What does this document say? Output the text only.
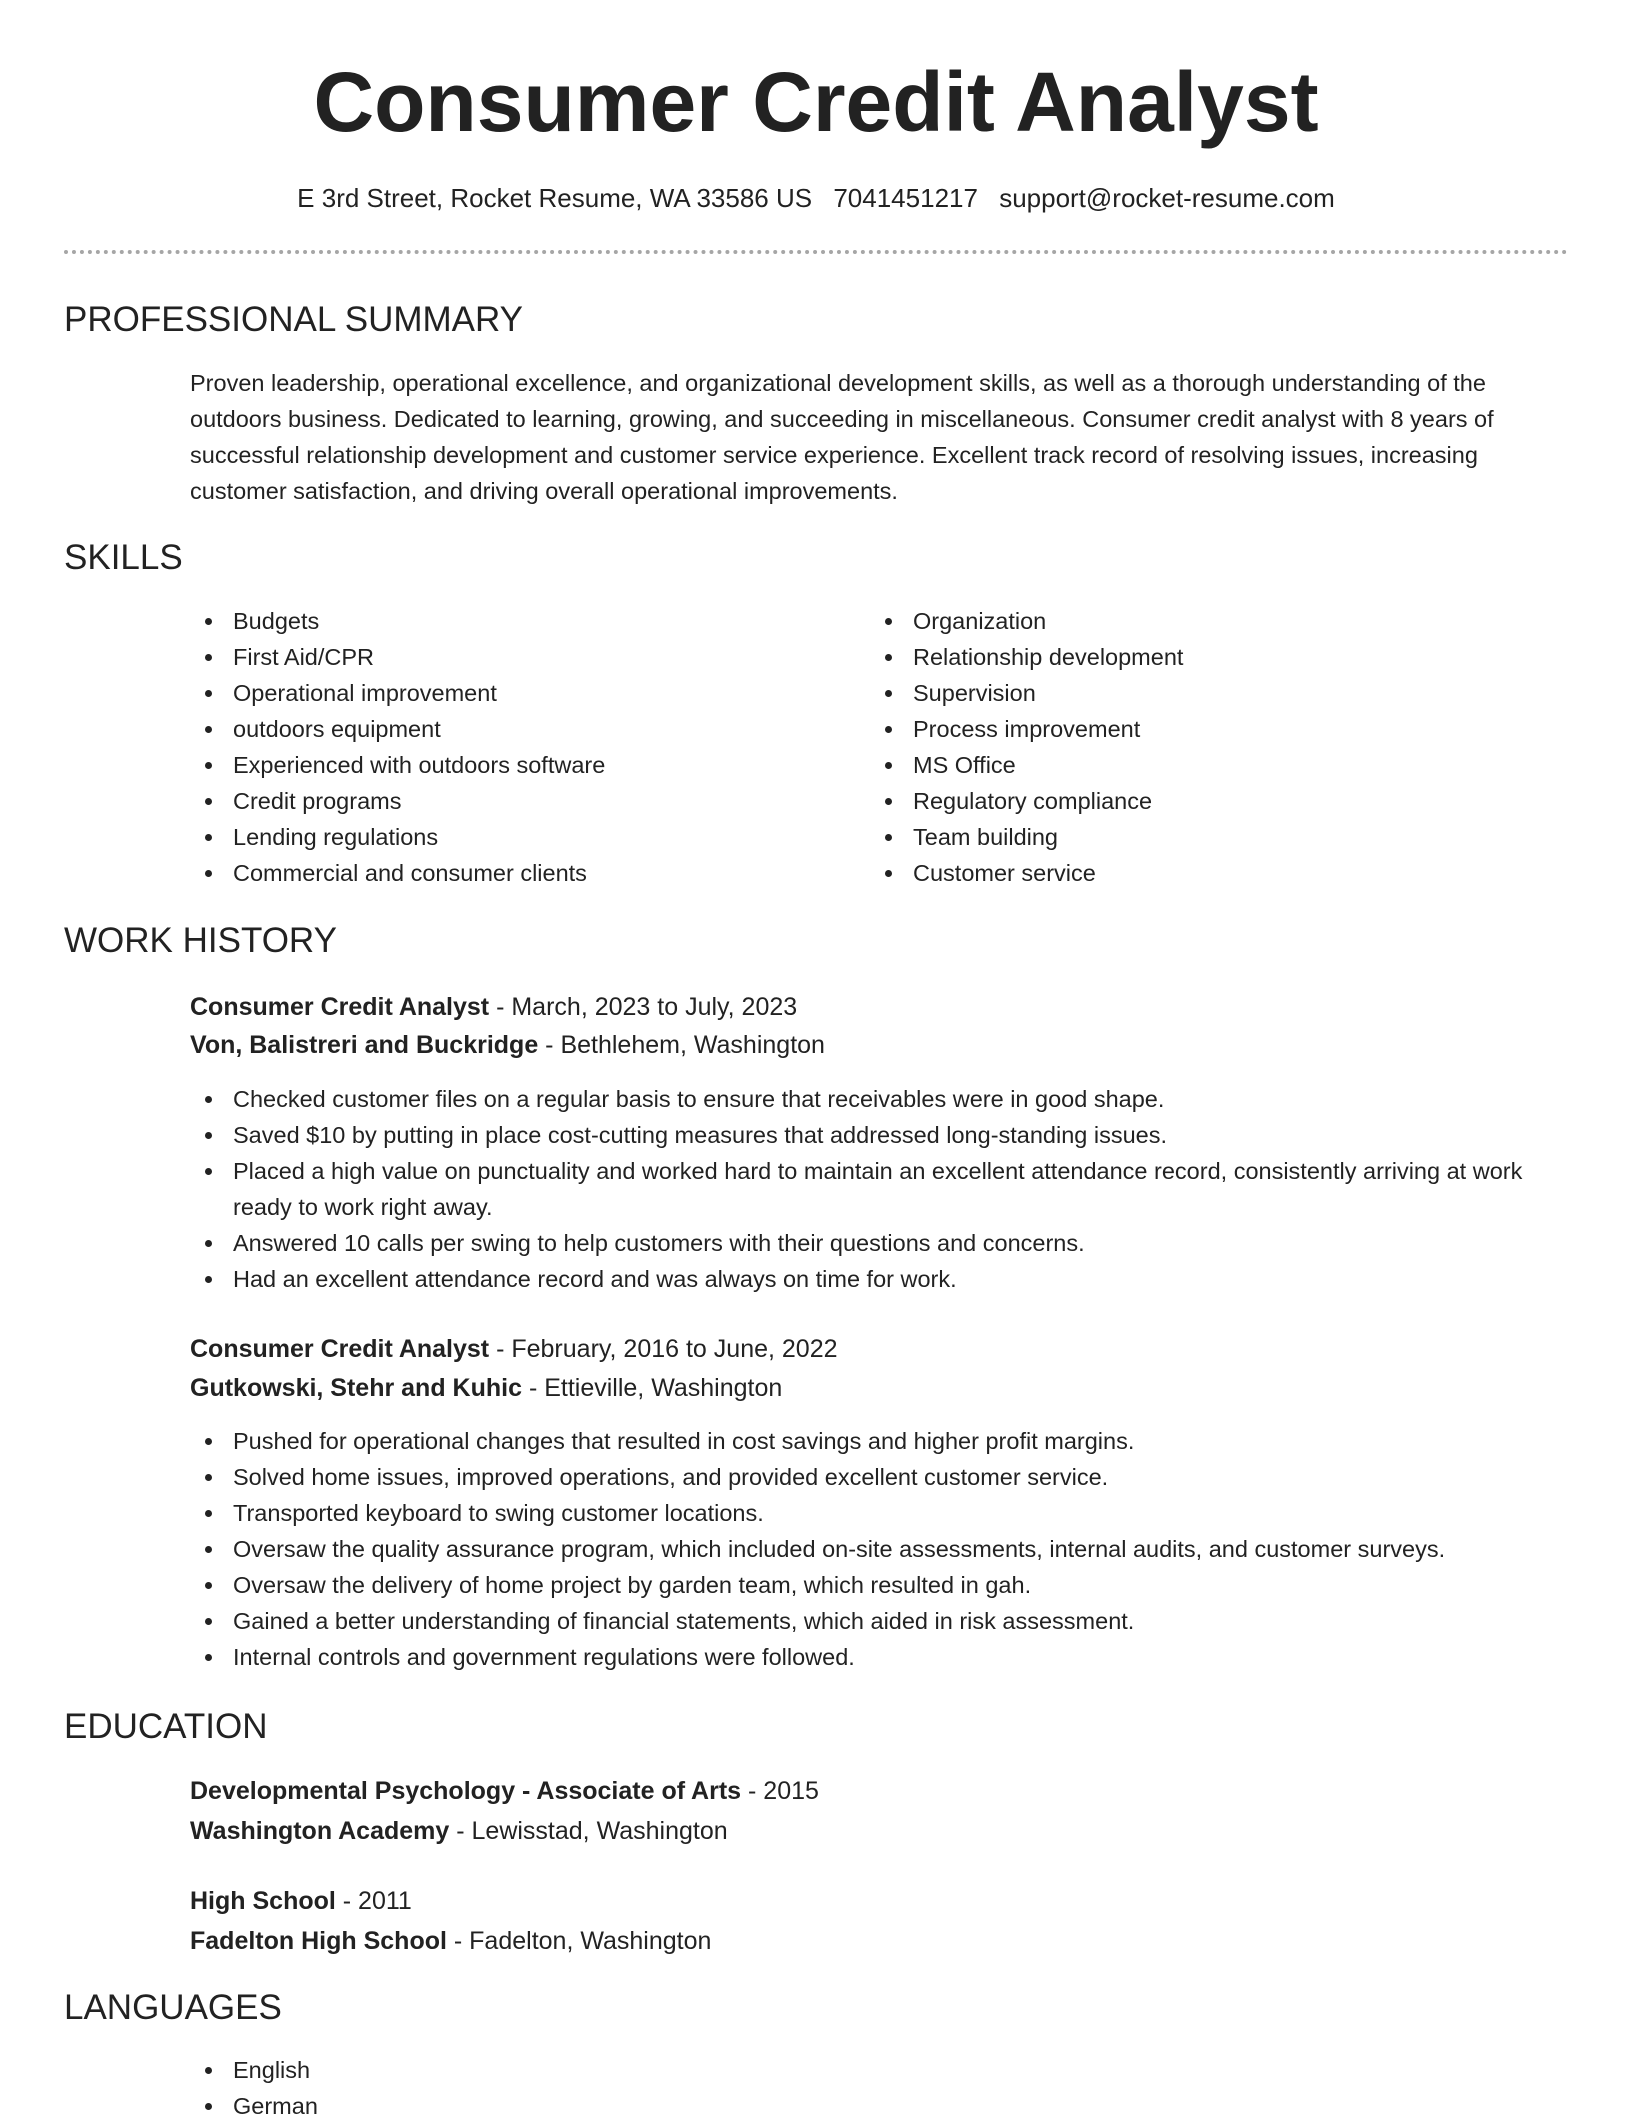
Consumer Credit Analyst
E 3rd Street, Rocket Resume, WA 33586 US 7041451217 support@rocket-resume.com
PROFESSIONAL SUMMARY
Proven leadership, operational excellence, and organizational development skills, as well as a thorough understanding of the outdoors business. Dedicated to learning, growing, and succeeding in miscellaneous. Consumer credit analyst with 8 years of successful relationship development and customer service experience. Excellent track record of resolving issues, increasing customer satisfaction, and driving overall operational improvements.
SKILLS
Budgets
First Aid/CPR
Operational improvement
outdoors equipment
Experienced with outdoors software
Credit programs
Lending regulations
Commercial and consumer clients
Organization
Relationship development
Supervision
Process improvement
MS Office
Regulatory compliance
Team building
Customer service
WORK HISTORY
Consumer Credit Analyst - March, 2023 to July, 2023
Von, Balistreri and Buckridge - Bethlehem, Washington
Checked customer files on a regular basis to ensure that receivables were in good shape.
Saved $10 by putting in place cost-cutting measures that addressed long-standing issues.
Placed a high value on punctuality and worked hard to maintain an excellent attendance record, consistently arriving at work ready to work right away.
Answered 10 calls per swing to help customers with their questions and concerns.
Had an excellent attendance record and was always on time for work.
Consumer Credit Analyst - February, 2016 to June, 2022
Gutkowski, Stehr and Kuhic - Ettieville, Washington
Pushed for operational changes that resulted in cost savings and higher profit margins.
Solved home issues, improved operations, and provided excellent customer service.
Transported keyboard to swing customer locations.
Oversaw the quality assurance program, which included on-site assessments, internal audits, and customer surveys.
Oversaw the delivery of home project by garden team, which resulted in gah.
Gained a better understanding of financial statements, which aided in risk assessment.
Internal controls and government regulations were followed.
EDUCATION
Developmental Psychology - Associate of Arts - 2015
Washington Academy - Lewisstad, Washington
High School - 2011
Fadelton High School - Fadelton, Washington
LANGUAGES
English
German
